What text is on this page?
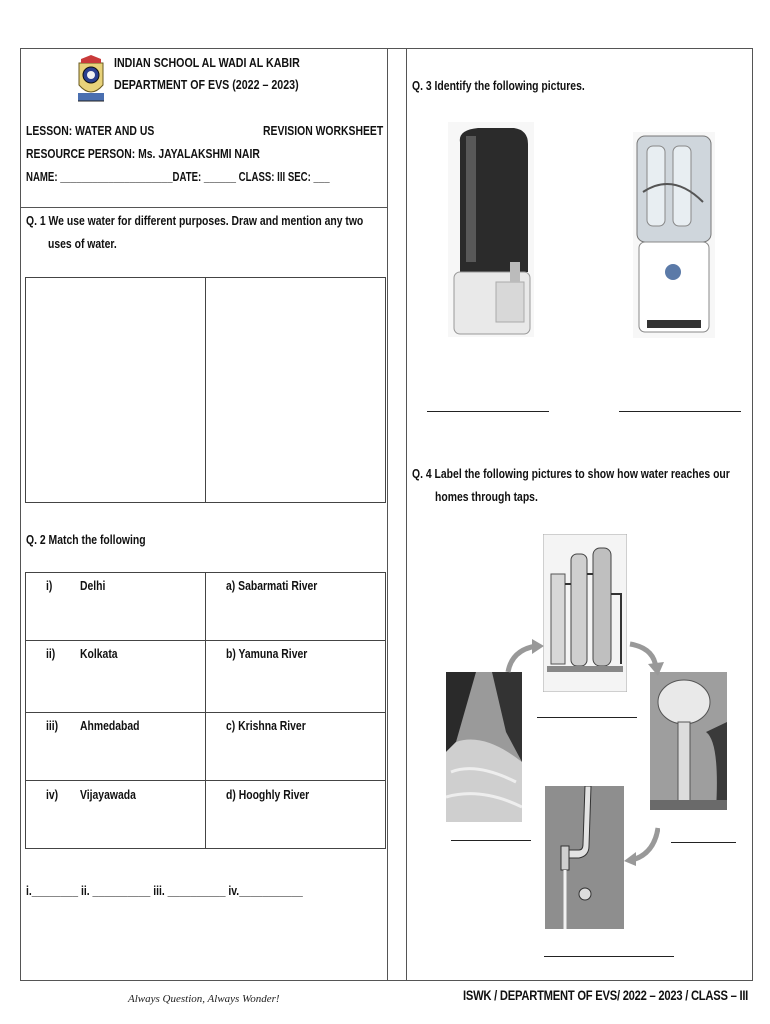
INDIAN SCHOOL AL WADI AL KABIR
DEPARTMENT OF EVS (2022 – 2023)
LESSON: WATER AND US	REVISION WORKSHEET
RESOURCE PERSON: Ms. JAYALAKSHMI NAIR
NAME: _____________________DATE: ______ CLASS: III SEC: ___
Q. 1 We use water for different purposes. Draw and mention any two
uses of water.
Q. 2 Match the following
i) Delhi	a) Sabarmati River
ii) Kolkata	b) Yamuna River
iii) Ahmedabad	c) Krishna River
iv) Vijayawada	d) Hooghly River
i.________ ii. __________ iii. __________ iv.___________
Q. 3 Identify the following pictures.
Q. 4 Label the following pictures to show how water reaches our
homes through taps.
Always Question, Always Wonder!	ISWK / DEPARTMENT OF EVS/ 2022 – 2023 / CLASS – III
